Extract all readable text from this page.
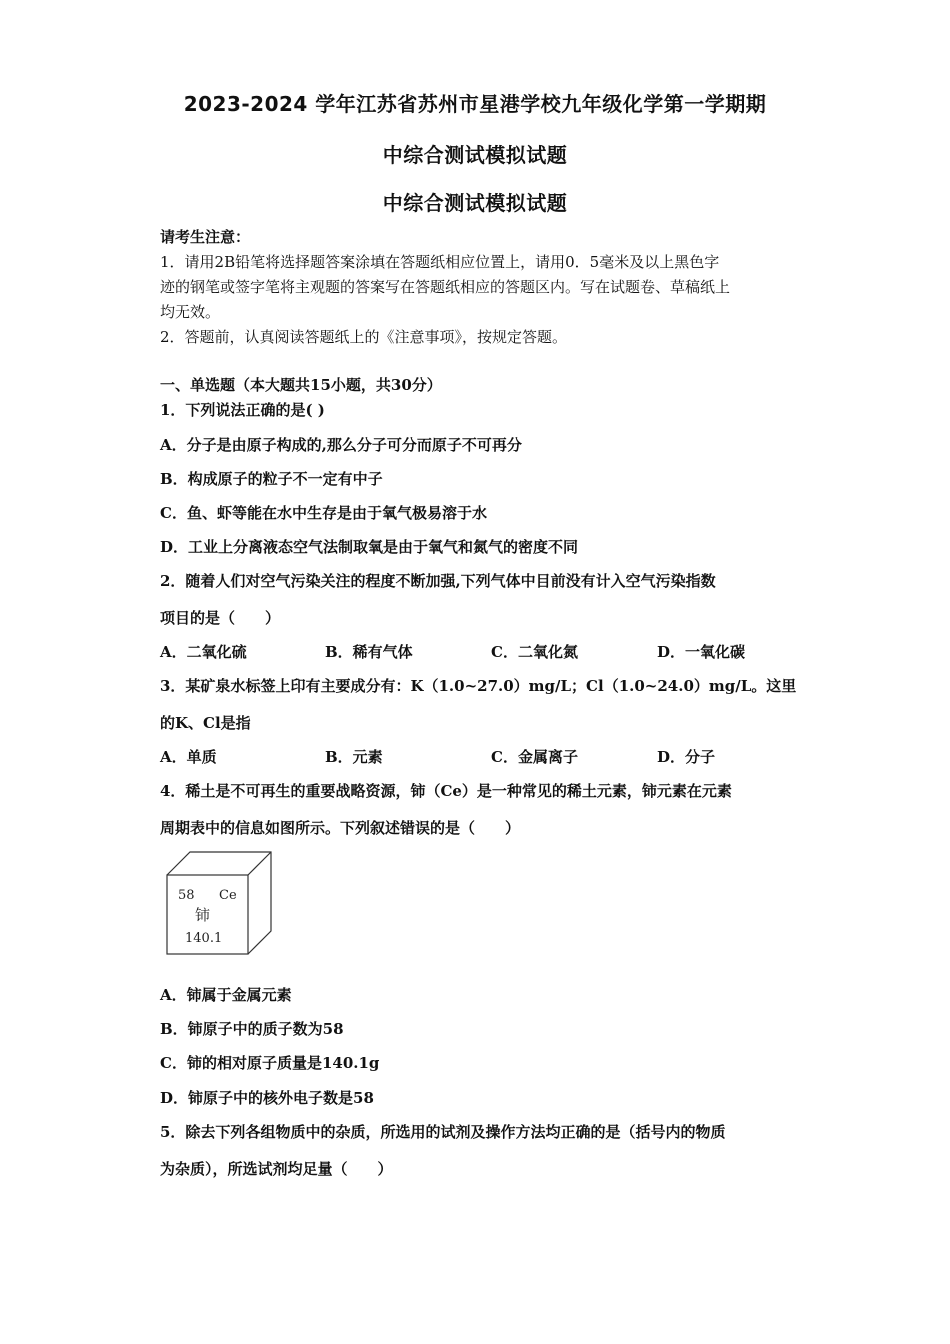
2023-2024 学年江苏省苏州市星港学校九年级化学第一学期期
中综合测试模拟试题
中综合测试模拟试题
请考生注意：
1．请用2B铅笔将选择题答案涂填在答题纸相应位置上，请用0．5毫米及以上黑色字
迹的钢笔或签字笔将主观题的答案写在答题纸相应的答题区内。写在试题卷、草稿纸上
均无效。
2．答题前，认真阅读答题纸上的《注意事项》，按规定答题。
一、单选题（本大题共15小题，共30分）
1．下列说法正确的是( )
A．分子是由原子构成的,那么分子可分而原子不可再分
B．构成原子的粒子不一定有中子
C．鱼、虾等能在水中生存是由于氧气极易溶于水
D．工业上分离液态空气法制取氧是由于氧气和氮气的密度不同
2．随着人们对空气污染关注的程度不断加强,下列气体中目前没有计入空气污染指数
项目的是（　　）
A．二氧化硫	B．稀有气体	C．二氧化氮	D．一氧化碳
3．某矿泉水标签上印有主要成分有：K（1.0~27.0）mg/L；Cl（1.0~24.0）mg/L。这里
的K、Cl是指
A．单质	B．元素	C．金属离子	D．分子
4．稀土是不可再生的重要战略资源，铈（Ce）是一种常见的稀土元素，铈元素在元素
周期表中的信息如图所示。下列叙述错误的是（　　）
58 Ce
铈
140.1
A．铈属于金属元素
B．铈原子中的质子数为58
C．铈的相对原子质量是140.1g
D．铈原子中的核外电子数是58
5．除去下列各组物质中的杂质，所选用的试剂及操作方法均正确的是（括号内的物质
为杂质），所选试剂均足量（　　）
